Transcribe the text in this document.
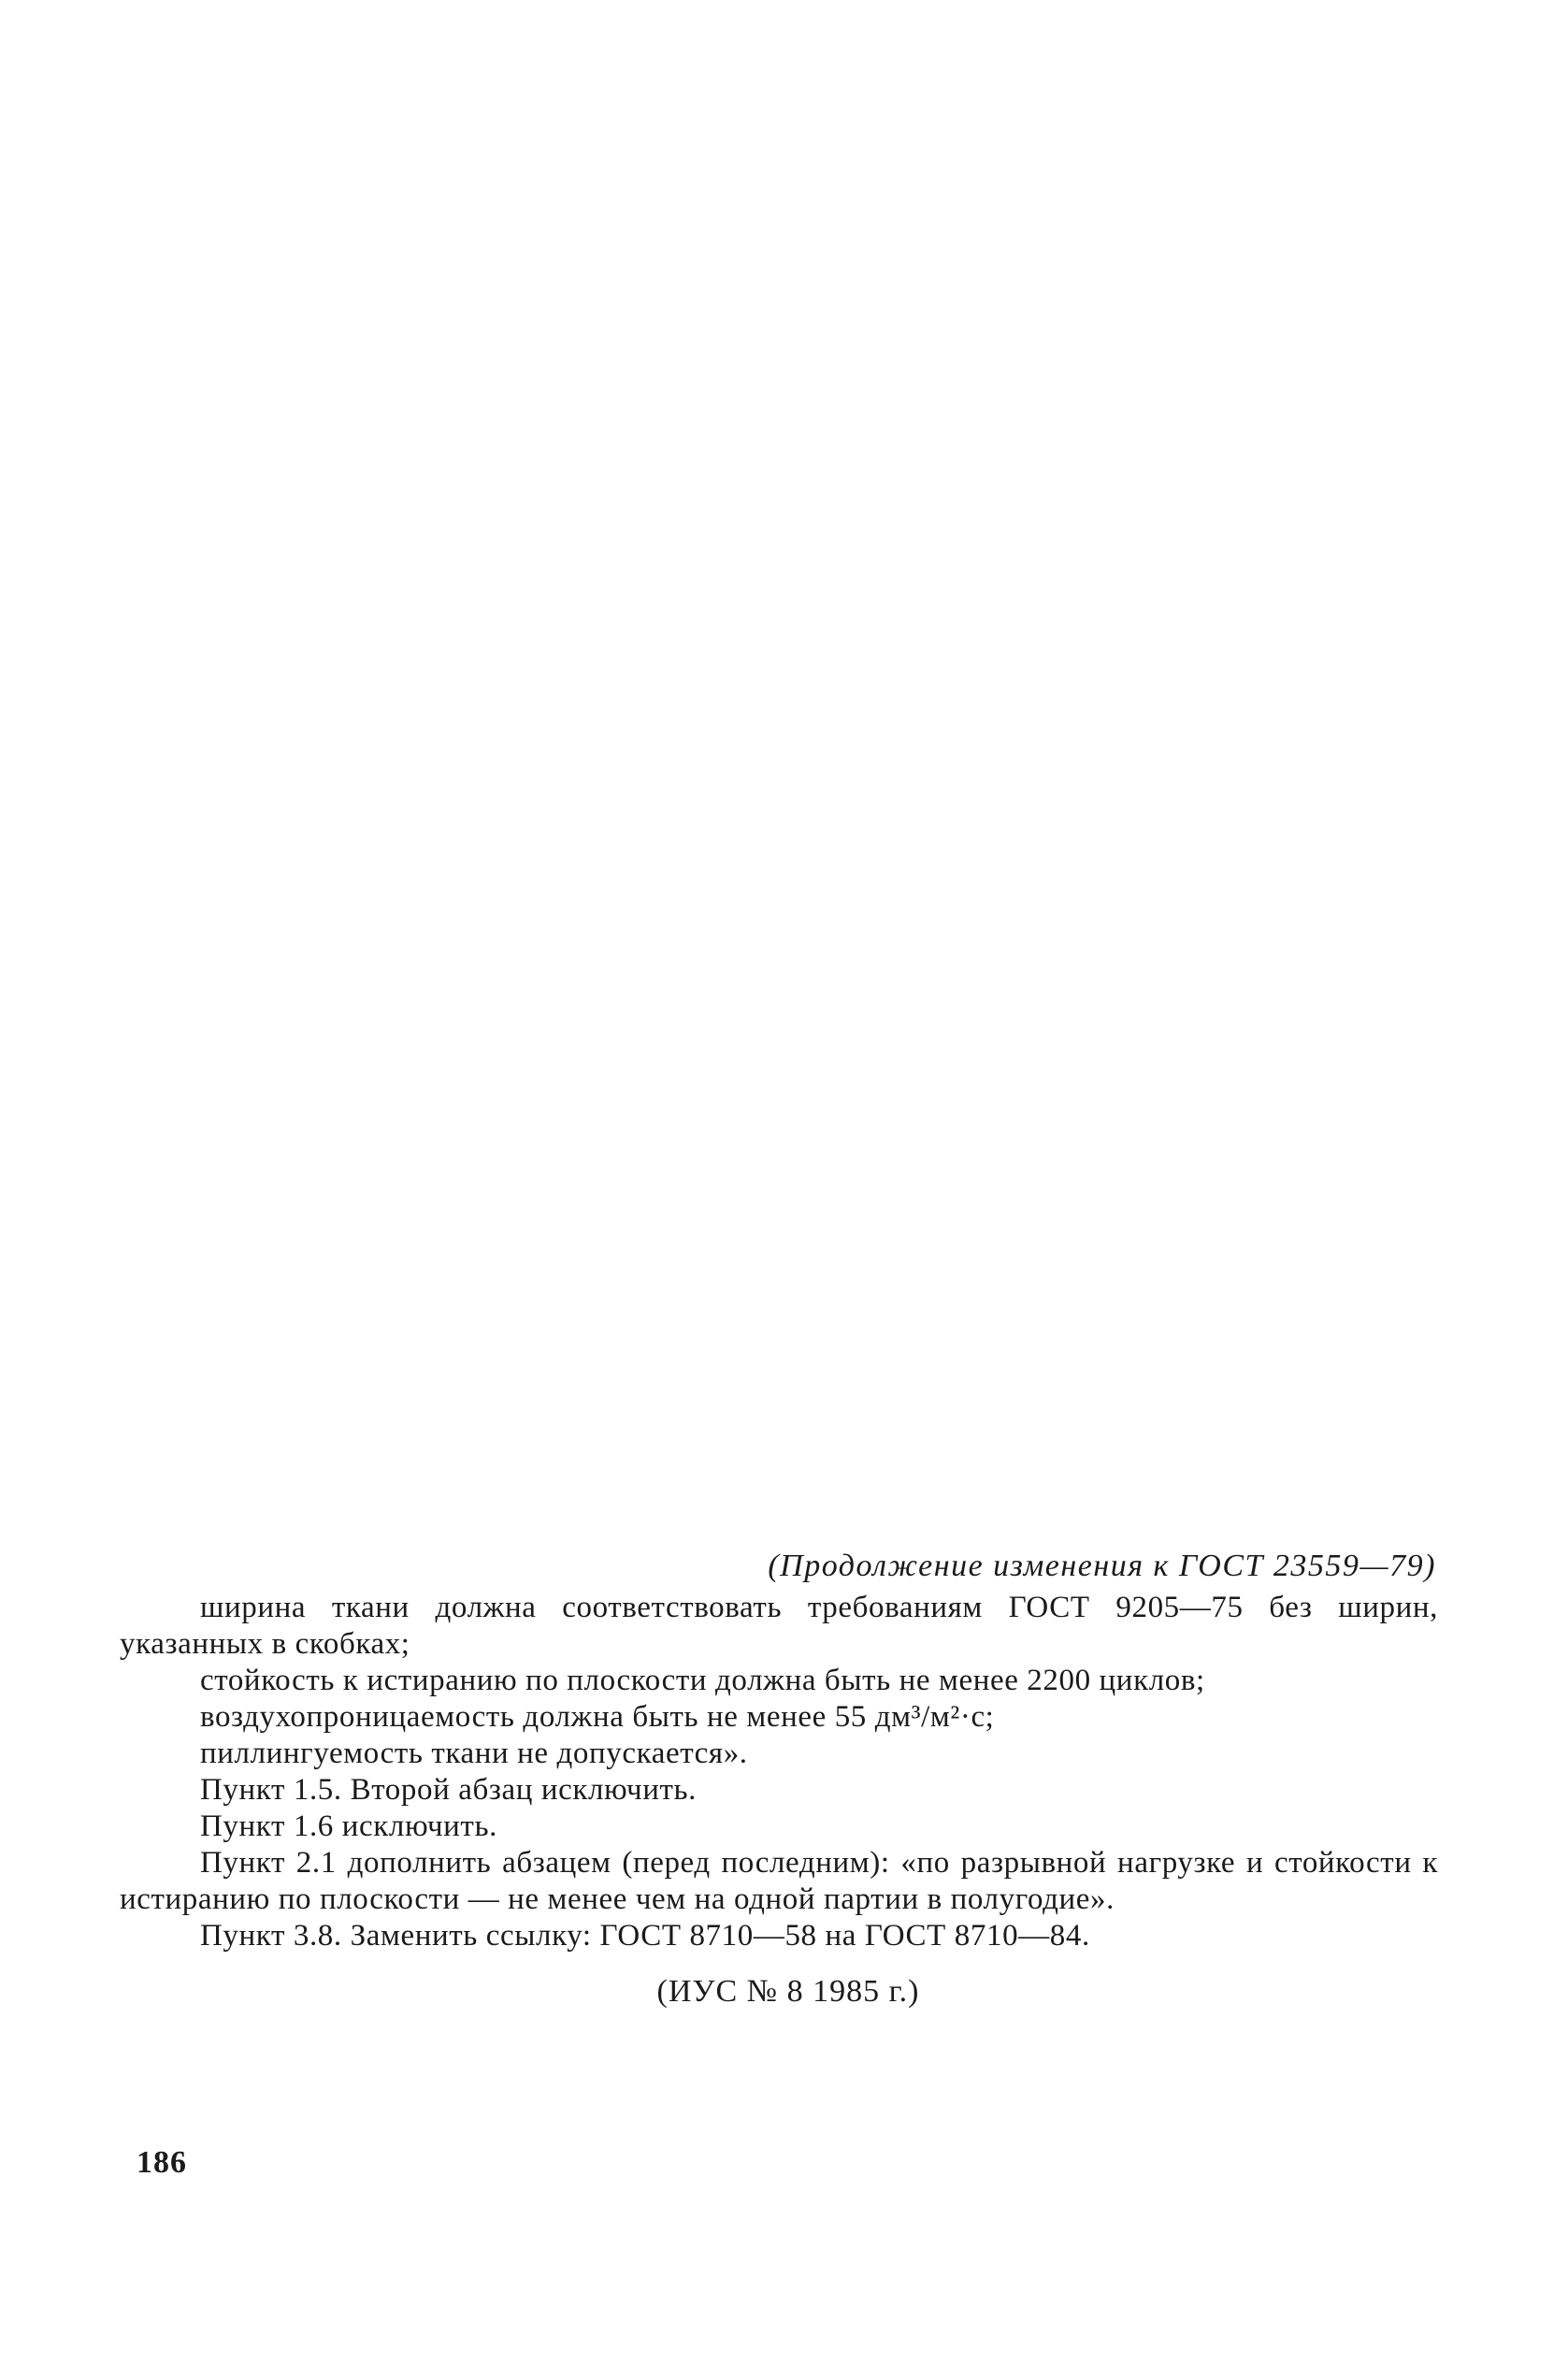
(Продолжение изменения к ГОСТ 23559—79)

ширина ткани должна соответствовать требованиям ГОСТ 9205—75 без ширин, указанных в скобках;

стойкость к истиранию по плоскости должна быть не менее 2200 циклов;

воздухопроницаемость должна быть не менее 55 дм³/м²·с;

пиллингуемость ткани не допускается».

Пункт 1.5. Второй абзац исключить.

Пункт 1.6 исключить.

Пункт 2.1 дополнить абзацем (перед последним): «по разрывной нагрузке и стойкости к истиранию по плоскости — не менее чем на одной партии в полугодие».

Пункт 3.8. Заменить ссылку: ГОСТ 8710—58 на ГОСТ 8710—84.

(ИУС № 8 1985 г.)
186
